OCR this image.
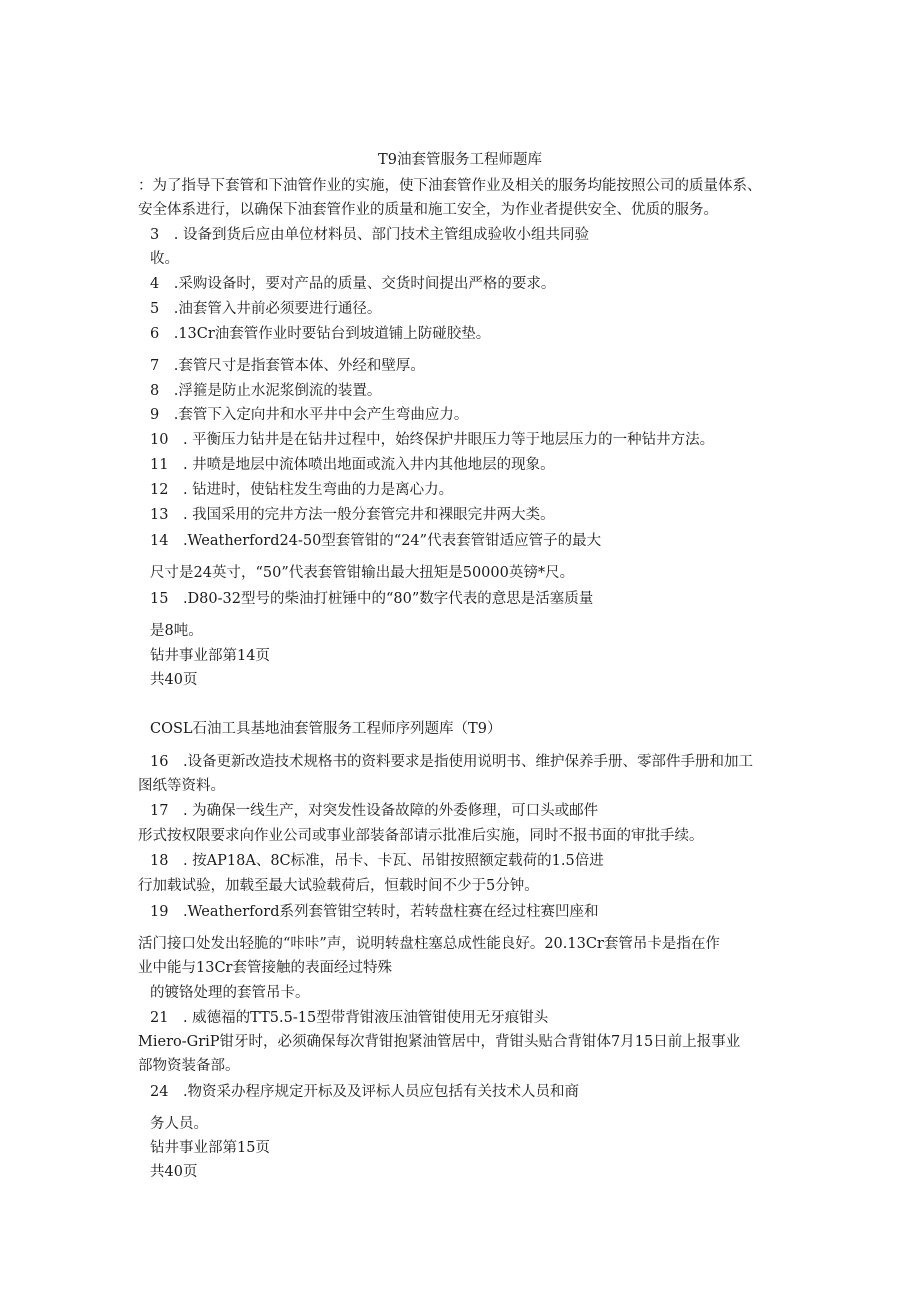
T9油套管服务工程师题库
：为了指导下套管和下油管作业的实施，使下油套管作业及相关的服务均能按照公司的质量体系、
安全体系进行，以确保下油套管作业的质量和施工安全，为作业者提供安全、优质的服务。
3　. 设备到货后应由单位材料员、部门技术主管组成验收小组共同验
收。
4　.采购设备时，要对产品的质量、交货时间提出严格的要求。
5　.油套管入井前必须要进行通径。
6　.13Cr油套管作业时要钻台到坡道铺上防碰胶垫。
7　.套管尺寸是指套管本体、外经和壁厚。
8　.浮箍是防止水泥浆倒流的装置。
9　.套管下入定向井和水平井中会产生弯曲应力。
10　. 平衡压力钻井是在钻井过程中，始终保护井眼压力等于地层压力的一种钻井方法。
11　. 井喷是地层中流体喷出地面或流入井内其他地层的现象。
12　. 钻进时，使钻柱发生弯曲的力是离心力。
13　. 我国采用的完井方法一般分套管完井和裸眼完井两大类。
14　.Weatherford24-50型套管钳的“24”代表套管钳适应管子的最大
尺寸是24英寸，“50”代表套管钳输出最大扭矩是50000英镑*尺。
15　.D80-32型号的柴油打桩锤中的“80”数字代表的意思是活塞质量
是8吨。
钻井事业部第14页
共40页
COSL石油工具基地油套管服务工程师序列题库（T9）
16　.设备更新改造技术规格书的资料要求是指使用说明书、维护保养手册、零部件手册和加工
图纸等资料。
17　. 为确保一线生产，对突发性设备故障的外委修理，可口头或邮件
形式按权限要求向作业公司或事业部装备部请示批准后实施，同时不报书面的审批手续。
18　. 按AP18A、8C标准，吊卡、卡瓦、吊钳按照额定载荷的1.5倍进
行加载试验，加载至最大试验载荷后，恒载时间不少于5分钟。
19　.Weatherford系列套管钳空转时，若转盘柱赛在经过柱赛凹座和
活门接口处发出轻脆的“咔咔”声，说明转盘柱塞总成性能良好。20.13Cr套管吊卡是指在作
业中能与13Cr套管接触的表面经过特殊
的镀铬处理的套管吊卡。
21　. 威德福的TT5.5-15型带背钳液压油管钳使用无牙痕钳头
Miero-GriP钳牙时，必须确保每次背钳抱紧油管居中，背钳头贴合背钳体7月15日前上报事业
部物资装备部。
24　.物资采办程序规定开标及及评标人员应包括有关技术人员和商
务人员。
钻井事业部第15页
共40页
